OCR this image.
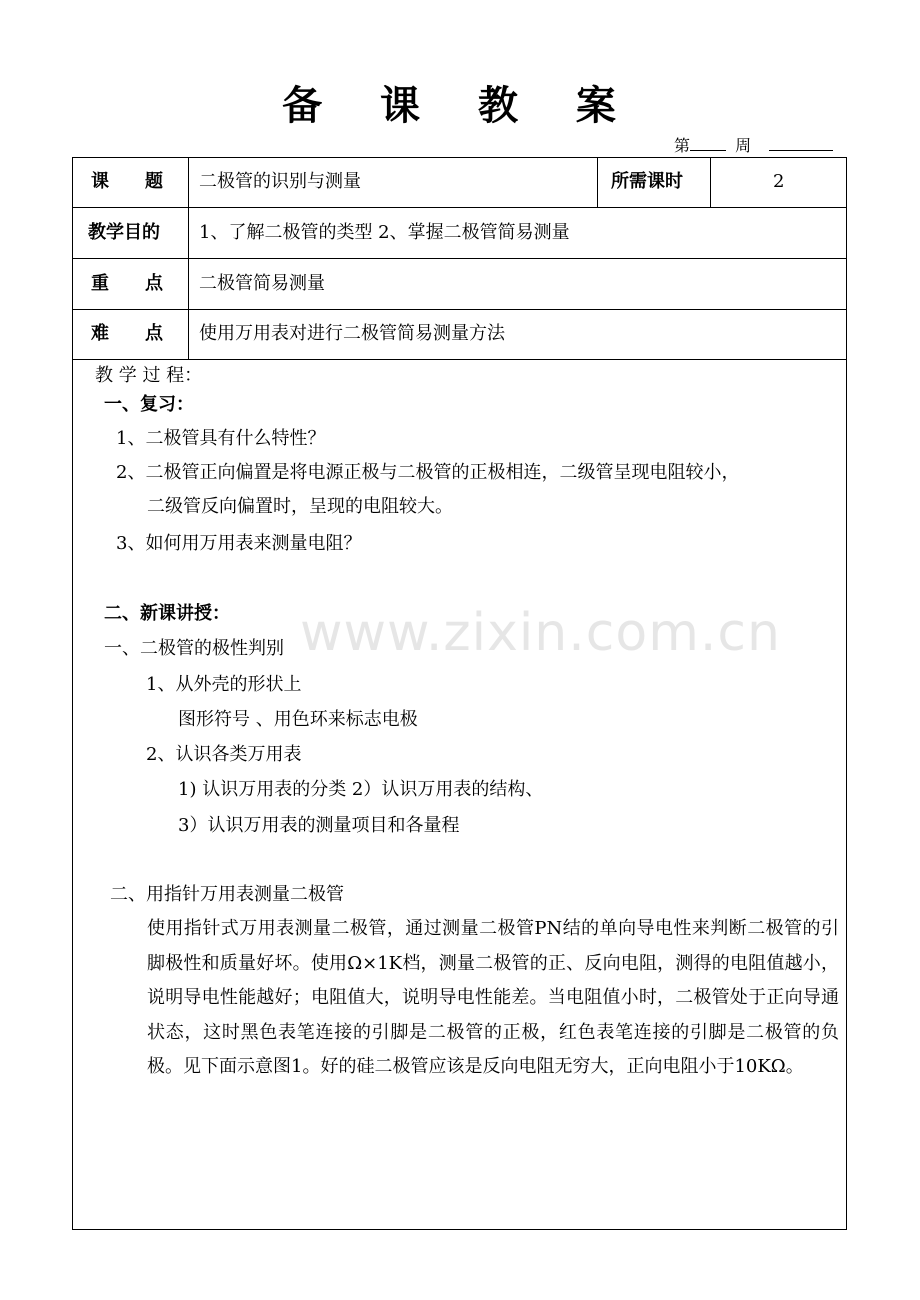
备 课 教 案
第	周
课　　题 二极管的识别与测量	所需课时	2
教学目的 1、了解二极管的类型 2、掌握二极管简易测量
重　　点 二极管简易测量
难　　点 使用万用表对进行二极管简易测量方法
www.zixin.com.cn
教 学 过 程：
一、复习：
1、二极管具有什么特性？
2、二极管正向偏置是将电源正极与二极管的正极相连，二级管呈现电阻较小，
二级管反向偏置时，呈现的电阻较大。
3、如何用万用表来测量电阻？
二、新课讲授：
一、二极管的极性判别
1、从外壳的形状上
图形符号 、用色环来标志电极
2、认识各类万用表
1) 认识万用表的分类 2）认识万用表的结构、
3）认识万用表的测量项目和各量程
二、用指针万用表测量二极管
使用指针式万用表测量二极管，通过测量二极管PN结的单向导电性来判断二极管的引脚极性和质量好坏。使用Ω×1K档，测量二极管的正、反向电阻，测得的电阻值越小，说明导电性能越好；电阻值大，说明导电性能差。当电阻值小时，二极管处于正向导通状态，这时黑色表笔连接的引脚是二极管的正极，红色表笔连接的引脚是二极管的负极。见下面示意图1。好的硅二极管应该是反向电阻无穷大，正向电阻小于10KΩ。
